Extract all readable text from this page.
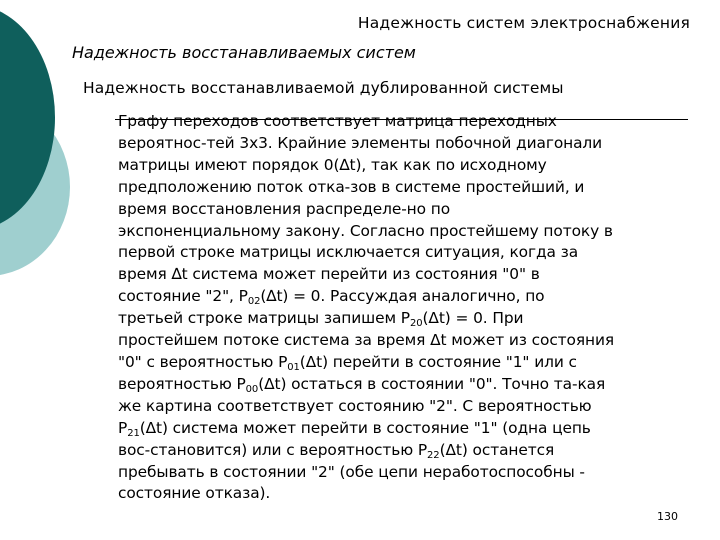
Надежность систем электроснабжения
Надежность восстанавливаемых систем
Надежность восстанавливаемой дублированной системы
Графу переходов соответствует матрица переходных
вероятнос-тей 3х3. Крайние элементы побочной диагонали
матрицы имеют порядок 0(∆t), так как по исходному
предположению поток отка-зов в системе простейший, и
время восстановления распределе-но по
экспоненциальному закону. Согласно простейшему потоку в
первой строке матрицы исключается ситуация, когда за
время ∆t система может перейти из состояния "0" в
состояние "2", $P_{02}(\Delta t) = 0$. Рассуждая аналогично, по
третьей строке матрицы запишем $P_{20}(\Delta t) = 0$. При
простейшем потоке система за время Δt может из состояния
"0" с вероятностью $P_{01}(\Delta t)$ перейти в состояние "1" или с
вероятностью $P_{00}(\Delta t)$ остаться в состоянии "0". Точно та-кая
же картина соответствует состоянию "2". С вероятностью
$P_{21}(\Delta t)$ система может перейти в состояние "1" (одна цепь
вос-становится) или с вероятностью $P_{22}(\Delta t)$ останется
пребывать в состоянии "2" (обе цепи неработоспособны -
состояние отказа).
130
